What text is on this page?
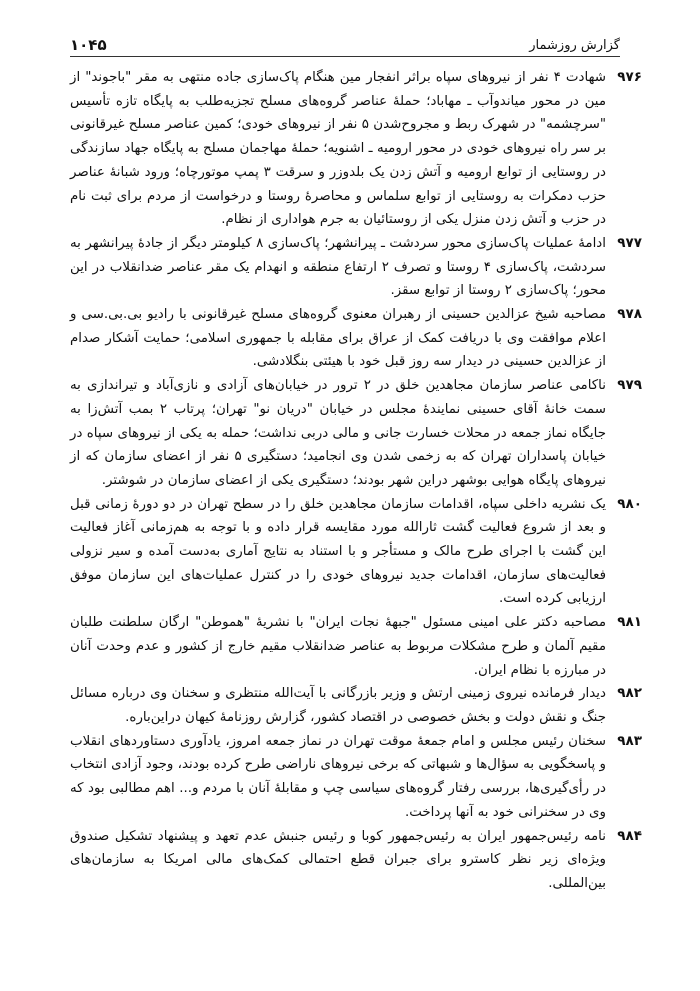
گزارش روزشمار
۱۰۴۵
۹۷۶
شهادت ۴ نفر از نیروهای سپاه براثر انفجار مین هنگام پاک‌سازی جاده منتهی به مقر "باجوند" از مین در محور میاندوآب ـ مهاباد؛ حملهٔ عناصر گروه‌های مسلح تجزیه‌طلب به پایگاه تازه تأسیس "سرچشمه" در شهرک ربط و مجروح‌شدن ۵ نفر از نیروهای خودی؛ کمین عناصر مسلح غیرقانونی بر سر راه نیروهای خودی در محور ارومیه ـ اشنویه؛ حملهٔ مهاجمان مسلح به پایگاه جهاد سازندگی در روستایی از توابع ارومیه و آتش زدن یک بلدوزر و سرقت ۳ پمپ موتورچاه؛ ورود شبانهٔ عناصر حزب دمکرات به روستایی از توابع سلماس و محاصرهٔ روستا و درخواست از مردم برای ثبت نام در حزب و آتش زدن منزل یکی از روستائیان به جرم هواداری از نظام.
۹۷۷
ادامهٔ عملیات پاک‌سازی محور سردشت ـ پیرانشهر؛ پاک‌سازی ۸ کیلومتر دیگر از جادهٔ پیرانشهر به سردشت، پاک‌سازی ۴ روستا و تصرف ۲ ارتفاع منطقه و انهدام یک مقر عناصر ضدانقلاب در این محور؛ پاک‌سازی ۲ روستا از توابع سقز.
۹۷۸
مصاحبه شیخ عزالدین حسینی از رهبران معنوی گروه‌های مسلح غیرقانونی با رادیو بی.بی.سی و اعلام موافقت وی با دریافت کمک از عراق برای مقابله با جمهوری اسلامی؛ حمایت آشکار صدام از عزالدین حسینی در دیدار سه روز قبل خود با هیئتی بنگلادشی.
۹۷۹
ناکامی عناصر سازمان مجاهدین خلق در ۲ ترور در خیابان‌های آزادی و نازی‌آباد و تیراندازی به سمت خانهٔ آقای حسینی نمایندهٔ مجلس در خیابان "دریان نو" تهران؛ پرتاب ۲ بمب آتش‌زا به جایگاه نماز جمعه در محلات خسارت جانی و مالی دربی نداشت؛ حمله به یکی از نیروهای سپاه در خیابان پاسداران تهران که به زخمی شدن وی انجامید؛ دستگیری ۵ نفر از اعضای سازمان که از نیروهای پایگاه هوایی بوشهر دراین شهر بودند؛ دستگیری یکی از اعضای سازمان در شوشتر.
۹۸۰
یک نشریه داخلی سپاه، اقدامات سازمان مجاهدین خلق را در سطح تهران در دو دورهٔ زمانی قبل و بعد از شروع فعالیت گشت ثارالله مورد مقایسه قرار داده و با توجه به هم‌زمانی آغاز فعالیت این گشت با اجرای طرح مالک و مستأجر و با استناد به نتایج آماری به‌دست آمده و سیر نزولی فعالیت‌های سازمان، اقدامات جدید نیروهای خودی را در کنترل عملیات‌های این سازمان موفق ارزیابی کرده است.
۹۸۱
مصاحبه دکتر علی امینی مسئول "جبههٔ نجات ایران" با نشریهٔ "هموطن" ارگان سلطنت طلبان مقیم آلمان و طرح مشکلات مربوط به عناصر ضدانقلاب مقیم خارج از کشور و عدم وحدت آنان در مبارزه با نظام ایران.
۹۸۲
دیدار فرمانده نیروی زمینی ارتش و وزیر بازرگانی با آیت‌الله منتظری و سخنان وی درباره مسائل جنگ و نقش دولت و بخش خصوصی در اقتصاد کشور، گزارش روزنامهٔ کیهان دراین‌باره.
۹۸۳
سخنان رئیس مجلس و امام جمعهٔ موقت تهران در نماز جمعه امروز، یادآوری دستاوردهای انقلاب و پاسخگویی به سؤال‌ها و شبهاتی که برخی نیروهای ناراضی طرح کرده بودند، وجود آزادی انتخاب در رأی‌گیری‌ها، بررسی رفتار گروه‌های سیاسی چپ و مقابلهٔ آنان با مردم و... اهم مطالبی بود که وی در سخنرانی خود به آنها پرداخت.
۹۸۴
نامه رئیس‌جمهور ایران به رئیس‌جمهور کوبا و رئیس جنبش عدم تعهد و پیشنهاد تشکیل صندوق ویژه‌ای زیر نظر کاسترو برای جبران قطع احتمالی کمک‌های مالی امریکا به سازمان‌های بین‌المللی.
